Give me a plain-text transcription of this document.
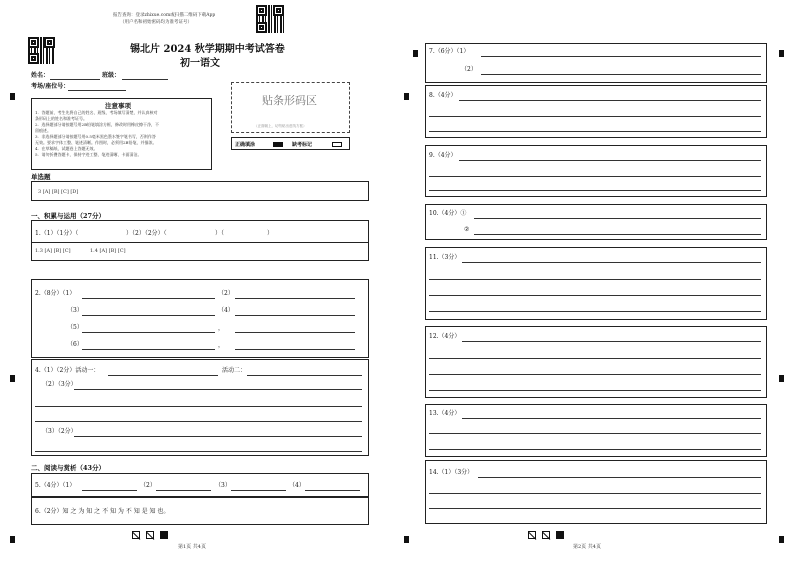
报告查询：登录zhixue.com或扫描二维码下载App
（用户名和初始密码均为准考证号）
锡北片 2024 秋学期期中考试答卷
初一语文
姓名：	班级：
考场/座位号：
贴条形码区
（正面朝上，切勿贴出虚线方框）
注意事项
1．答题前，考生先将自己的姓名、班级、考场填写清楚，并认真核对
条形码上的姓名和准考证号。
2．选择题部分请按题号用2B铅笔填涂方框，修改时用橡皮擦干净，不
留痕迹。
3．非选择题部分请按题号用0.5毫米黑色墨水签字笔书写，否则作答
无效。要求字体工整、笔迹清晰。作图时，必须用2B铅笔，并描浓。
4．在草稿纸、试题卷上答题无效。
5．请勿折叠答题卡，保持字迹工整、笔迹清晰、卡面清洁。
正确填涂	缺考标记
单选题
3 [A] [B] [C] [D]
一、积累与运用（27分）
1.（1）（1分）（	）（2）（2分）（	）（	）
1.3 [A] [B] [C]	1.4 [A] [B] [C]
2.（8分）（1）	（2）
（3）	（4）
（5）	，
（6）	，
4.（1）（2分）活动一：	活动二：
（2）（3分）
（3）（2分）
二、阅读与赏析（43分）
5.（4分）（1）	（2）	（3）	（4）
6.（2分）知 之 为 知 之 不 知 为 不 知 是 知 也。
第1页 共4页
7.（6分）（1）
（2）
8.（4分）
9.（4分）
10.（4分）①
②
11.（3分）
12.（4分）
13.（4分）
14.（1）（3分）
第2页 共4页
